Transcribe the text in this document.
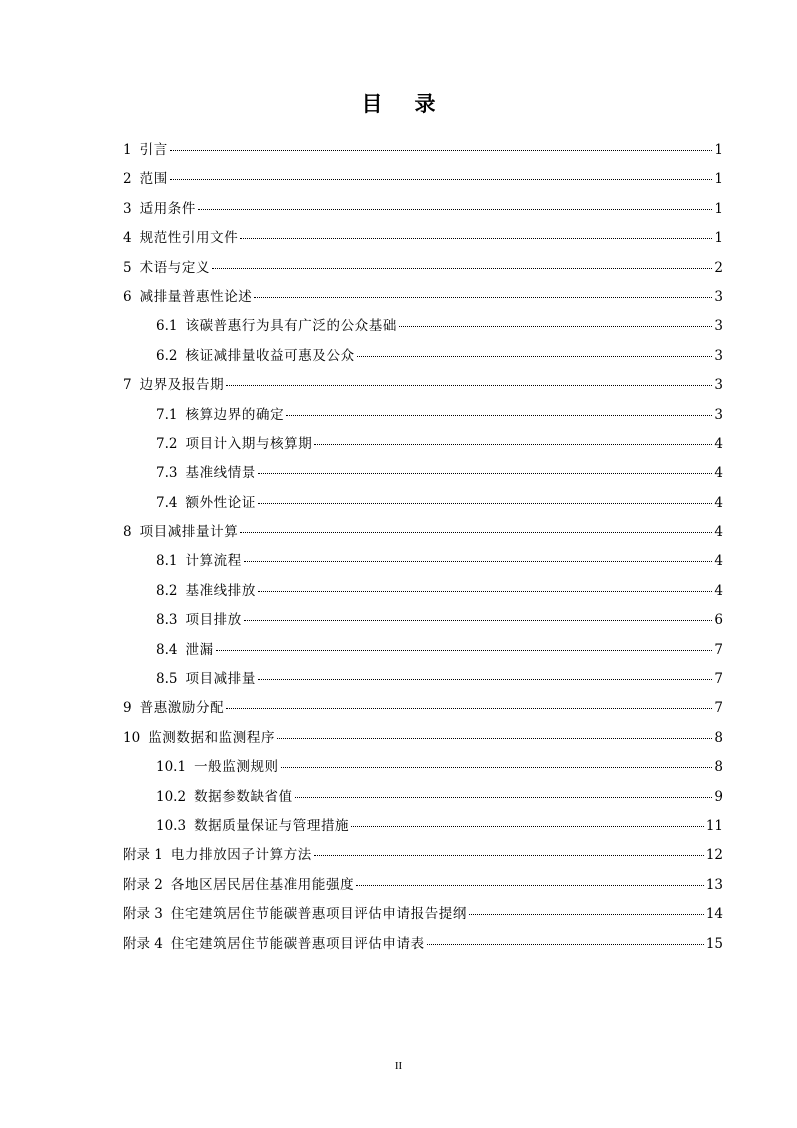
目录
1 引言	1
2 范围	1
3 适用条件	1
4 规范性引用文件	1
5 术语与定义	2
6 减排量普惠性论述	3
6.1 该碳普惠行为具有广泛的公众基础	3
6.2 核证减排量收益可惠及公众	3
7 边界及报告期	3
7.1 核算边界的确定	3
7.2 项目计入期与核算期	4
7.3 基准线情景	4
7.4 额外性论证	4
8 项目减排量计算	4
8.1 计算流程	4
8.2 基准线排放	4
8.3 项目排放	6
8.4 泄漏	7
8.5 项目减排量	7
9 普惠激励分配	7
10 监测数据和监测程序	8
10.1 一般监测规则	8
10.2 数据参数缺省值	9
10.3 数据质量保证与管理措施	11
附录 1 电力排放因子计算方法	12
附录 2 各地区居民居住基准用能强度	13
附录 3 住宅建筑居住节能碳普惠项目评估申请报告提纲	14
附录 4 住宅建筑居住节能碳普惠项目评估申请表	15
II
